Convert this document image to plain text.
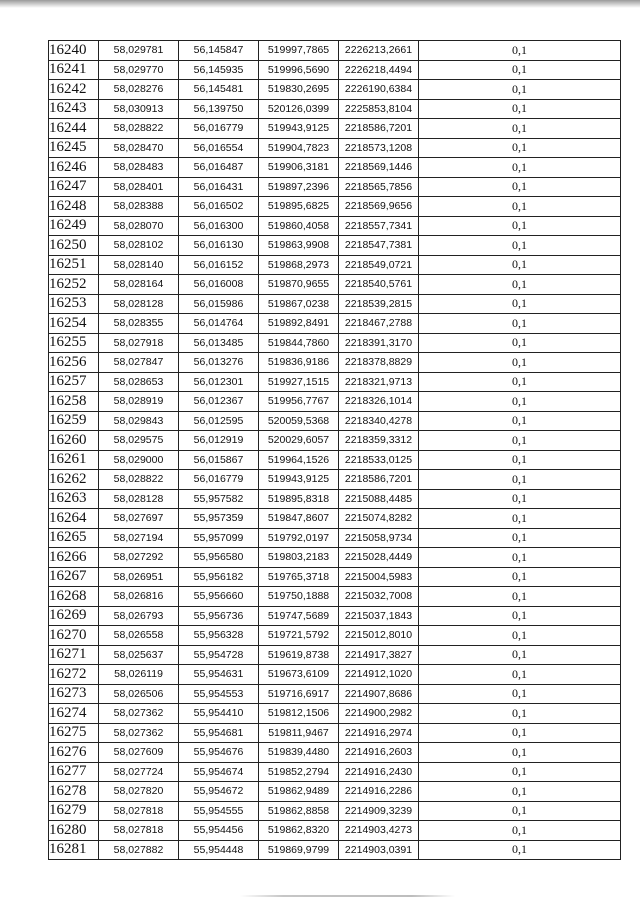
16240	58,029781	56,145847	519997,7865	2226213,2661	0,1
16241	58,029770	56,145935	519996,5690	2226218,4494	0,1
16242	58,028276	56,145481	519830,2695	2226190,6384	0,1
16243	58,030913	56,139750	520126,0399	2225853,8104	0,1
16244	58,028822	56,016779	519943,9125	2218586,7201	0,1
16245	58,028470	56,016554	519904,7823	2218573,1208	0,1
16246	58,028483	56,016487	519906,3181	2218569,1446	0,1
16247	58,028401	56,016431	519897,2396	2218565,7856	0,1
16248	58,028388	56,016502	519895,6825	2218569,9656	0,1
16249	58,028070	56,016300	519860,4058	2218557,7341	0,1
16250	58,028102	56,016130	519863,9908	2218547,7381	0,1
16251	58,028140	56,016152	519868,2973	2218549,0721	0,1
16252	58,028164	56,016008	519870,9655	2218540,5761	0,1
16253	58,028128	56,015986	519867,0238	2218539,2815	0,1
16254	58,028355	56,014764	519892,8491	2218467,2788	0,1
16255	58,027918	56,013485	519844,7860	2218391,3170	0,1
16256	58,027847	56,013276	519836,9186	2218378,8829	0,1
16257	58,028653	56,012301	519927,1515	2218321,9713	0,1
16258	58,028919	56,012367	519956,7767	2218326,1014	0,1
16259	58,029843	56,012595	520059,5368	2218340,4278	0,1
16260	58,029575	56,012919	520029,6057	2218359,3312	0,1
16261	58,029000	56,015867	519964,1526	2218533,0125	0,1
16262	58,028822	56,016779	519943,9125	2218586,7201	0,1
16263	58,028128	55,957582	519895,8318	2215088,4485	0,1
16264	58,027697	55,957359	519847,8607	2215074,8282	0,1
16265	58,027194	55,957099	519792,0197	2215058,9734	0,1
16266	58,027292	55,956580	519803,2183	2215028,4449	0,1
16267	58,026951	55,956182	519765,3718	2215004,5983	0,1
16268	58,026816	55,956660	519750,1888	2215032,7008	0,1
16269	58,026793	55,956736	519747,5689	2215037,1843	0,1
16270	58,026558	55,956328	519721,5792	2215012,8010	0,1
16271	58,025637	55,954728	519619,8738	2214917,3827	0,1
16272	58,026119	55,954631	519673,6109	2214912,1020	0,1
16273	58,026506	55,954553	519716,6917	2214907,8686	0,1
16274	58,027362	55,954410	519812,1506	2214900,2982	0,1
16275	58,027362	55,954681	519811,9467	2214916,2974	0,1
16276	58,027609	55,954676	519839,4480	2214916,2603	0,1
16277	58,027724	55,954674	519852,2794	2214916,2430	0,1
16278	58,027820	55,954672	519862,9489	2214916,2286	0,1
16279	58,027818	55,954555	519862,8858	2214909,3239	0,1
16280	58,027818	55,954456	519862,8320	2214903,4273	0,1
16281	58,027882	55,954448	519869,9799	2214903,0391	0,1
